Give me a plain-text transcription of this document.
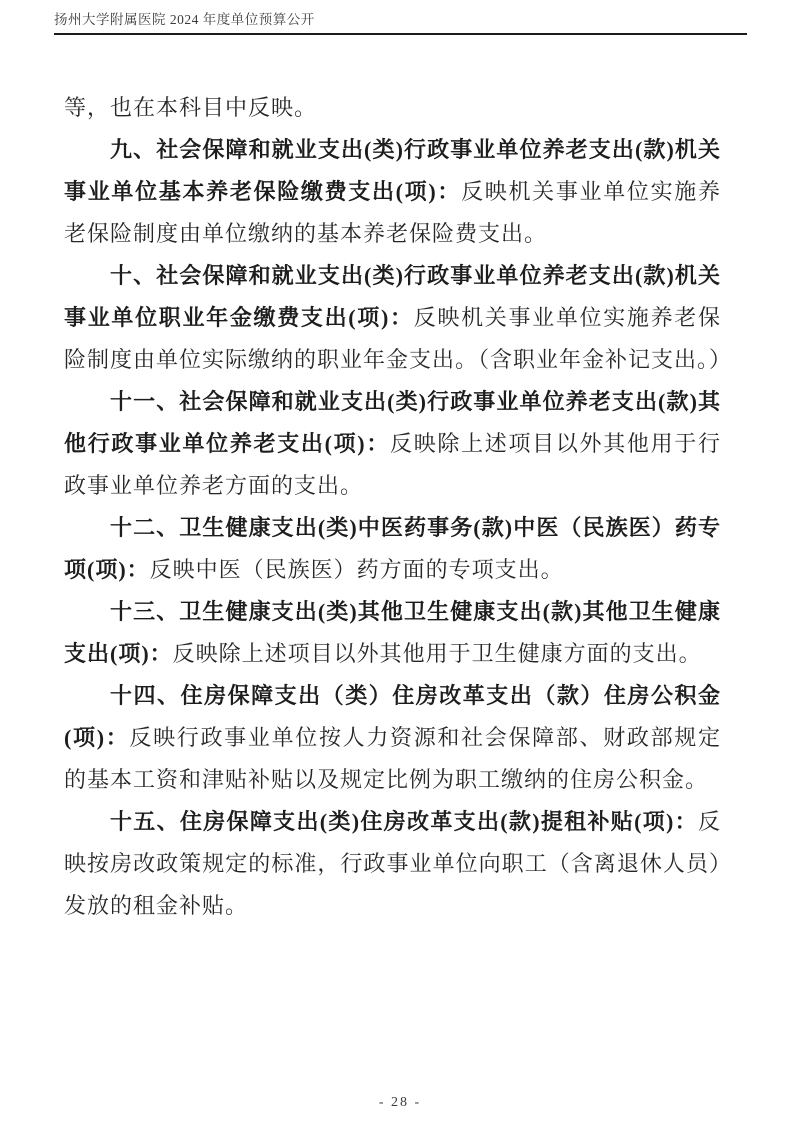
扬州大学附属医院 2024 年度单位预算公开

等，也在本科目中反映。

九、社会保障和就业支出(类)行政事业单位养老支出(款)机关事业单位基本养老保险缴费支出(项)：反映机关事业单位实施养老保险制度由单位缴纳的基本养老保险费支出。

十、社会保障和就业支出(类)行政事业单位养老支出(款)机关事业单位职业年金缴费支出(项)：反映机关事业单位实施养老保险制度由单位实际缴纳的职业年金支出。（含职业年金补记支出。）

十一、社会保障和就业支出(类)行政事业单位养老支出(款)其他行政事业单位养老支出(项)：反映除上述项目以外其他用于行政事业单位养老方面的支出。

十二、卫生健康支出(类)中医药事务(款)中医（民族医）药专项(项)：反映中医（民族医）药方面的专项支出。

十三、卫生健康支出(类)其他卫生健康支出(款)其他卫生健康支出(项)：反映除上述项目以外其他用于卫生健康方面的支出。

十四、住房保障支出（类）住房改革支出（款）住房公积金(项)：反映行政事业单位按人力资源和社会保障部、财政部规定的基本工资和津贴补贴以及规定比例为职工缴纳的住房公积金。

十五、住房保障支出(类)住房改革支出(款)提租补贴(项)：反映按房改政策规定的标准，行政事业单位向职工（含离退休人员）发放的租金补贴。

- 28 -
